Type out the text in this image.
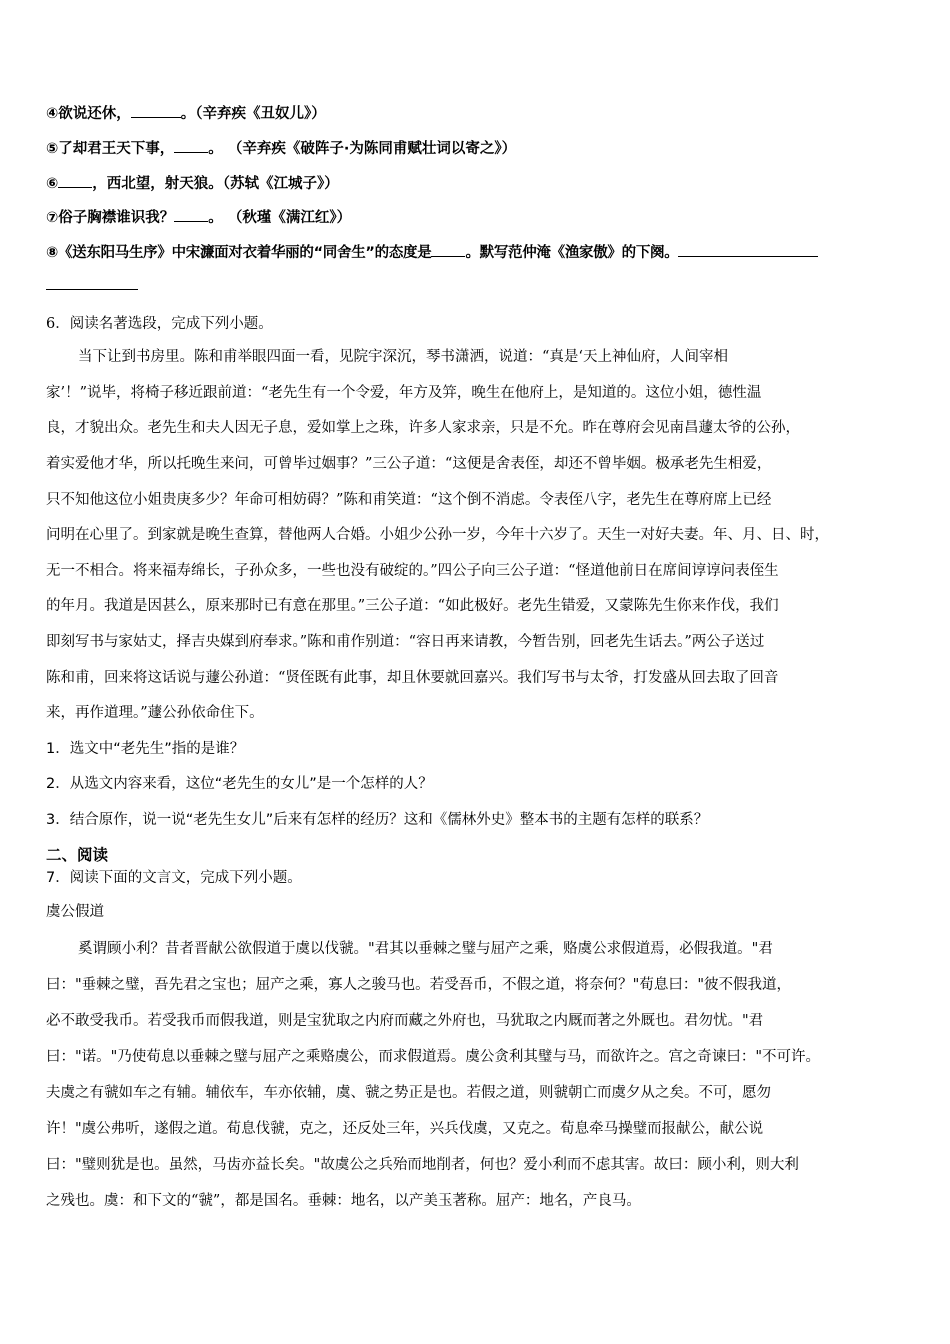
④欲说还休，	。（辛弃疾《丑奴儿》）
⑤了却君王天下事， 。 （辛弃疾《破阵子·为陈同甫赋壮词以寄之》）
⑥ ，西北望，射天狼。（苏轼《江城子》）
⑦俗子胸襟谁识我？ 。 （秋瑾《满江红》）
⑧《送东阳马生序》中宋濂面对衣着华丽的“同舍生”的态度是 。默写范仲淹《渔家傲》的下阕。
6．阅读名著选段，完成下列小题。
当下让到书房里。陈和甫举眼四面一看，见院宇深沉，琴书潇洒，说道：“真是‘天上神仙府，人间宰相
家’！”说毕，将椅子移近跟前道：“老先生有一个令爱，年方及笄，晚生在他府上，是知道的。这位小姐，德性温
良，才貌出众。老先生和夫人因无子息，爱如掌上之珠，许多人家求亲，只是不允。昨在尊府会见南昌蘧太爷的公孙，
着实爱他才华，所以托晚生来问，可曾毕过姻事？”三公子道：“这便是舍表侄，却还不曾毕姻。极承老先生相爱，
只不知他这位小姐贵庚多少？年命可相妨碍？”陈和甫笑道：“这个倒不消虑。令表侄八字，老先生在尊府席上已经
问明在心里了。到家就是晚生查算，替他两人合婚。小姐少公孙一岁，今年十六岁了。天生一对好夫妻。年、月、日、时，
无一不相合。将来福寿绵长，子孙众多，一些也没有破绽的。”四公子向三公子道：“怪道他前日在席间谆谆问表侄生
的年月。我道是因甚么，原来那时已有意在那里。”三公子道：“如此极好。老先生错爱，又蒙陈先生你来作伐，我们
即刻写书与家姑丈，择吉央媒到府奉求。”陈和甫作别道：“容日再来请教，今暂告别，回老先生话去。”两公子送过
陈和甫，回来将这话说与蘧公孙道：“贤侄既有此事，却且休要就回嘉兴。我们写书与太爷，打发盛从回去取了回音
来，再作道理。”蘧公孙依命住下。
1．选文中“老先生”指的是谁？
2．从选文内容来看，这位“老先生的女儿”是一个怎样的人？
3．结合原作，说一说“老先生女儿”后来有怎样的经历？这和《儒林外史》整本书的主题有怎样的联系？
二、阅读
7．阅读下面的文言文，完成下列小题。
虞公假道
奚谓顾小利？昔者晋献公欲假道于虞以伐虢。"君其以垂棘之璧与屈产之乘，赂虞公求假道焉，必假我道。"君
曰："垂棘之璧，吾先君之宝也；屈产之乘，寡人之骏马也。若受吾币，不假之道，将奈何？"荀息曰："彼不假我道，
必不敢受我币。若受我币而假我道，则是宝犹取之内府而藏之外府也，马犹取之内厩而著之外厩也。君勿忧。"君
曰："诺。"乃使荀息以垂棘之璧与屈产之乘赂虞公，而求假道焉。虞公贪利其璧与马，而欲许之。宫之奇谏曰："不可许。
夫虞之有虢如车之有辅。辅依车，车亦依辅，虞、虢之势正是也。若假之道，则虢朝亡而虞夕从之矣。不可，愿勿
许！"虞公弗听，遂假之道。荀息伐虢，克之，还反处三年，兴兵伐虞，又克之。荀息牵马操璧而报献公，献公说
曰："璧则犹是也。虽然，马齿亦益长矣。"故虞公之兵殆而地削者，何也？爱小利而不虑其害。故曰：顾小利，则大利
之残也。虞：和下文的“虢”，都是国名。垂棘：地名，以产美玉著称。屈产：地名，产良马。
